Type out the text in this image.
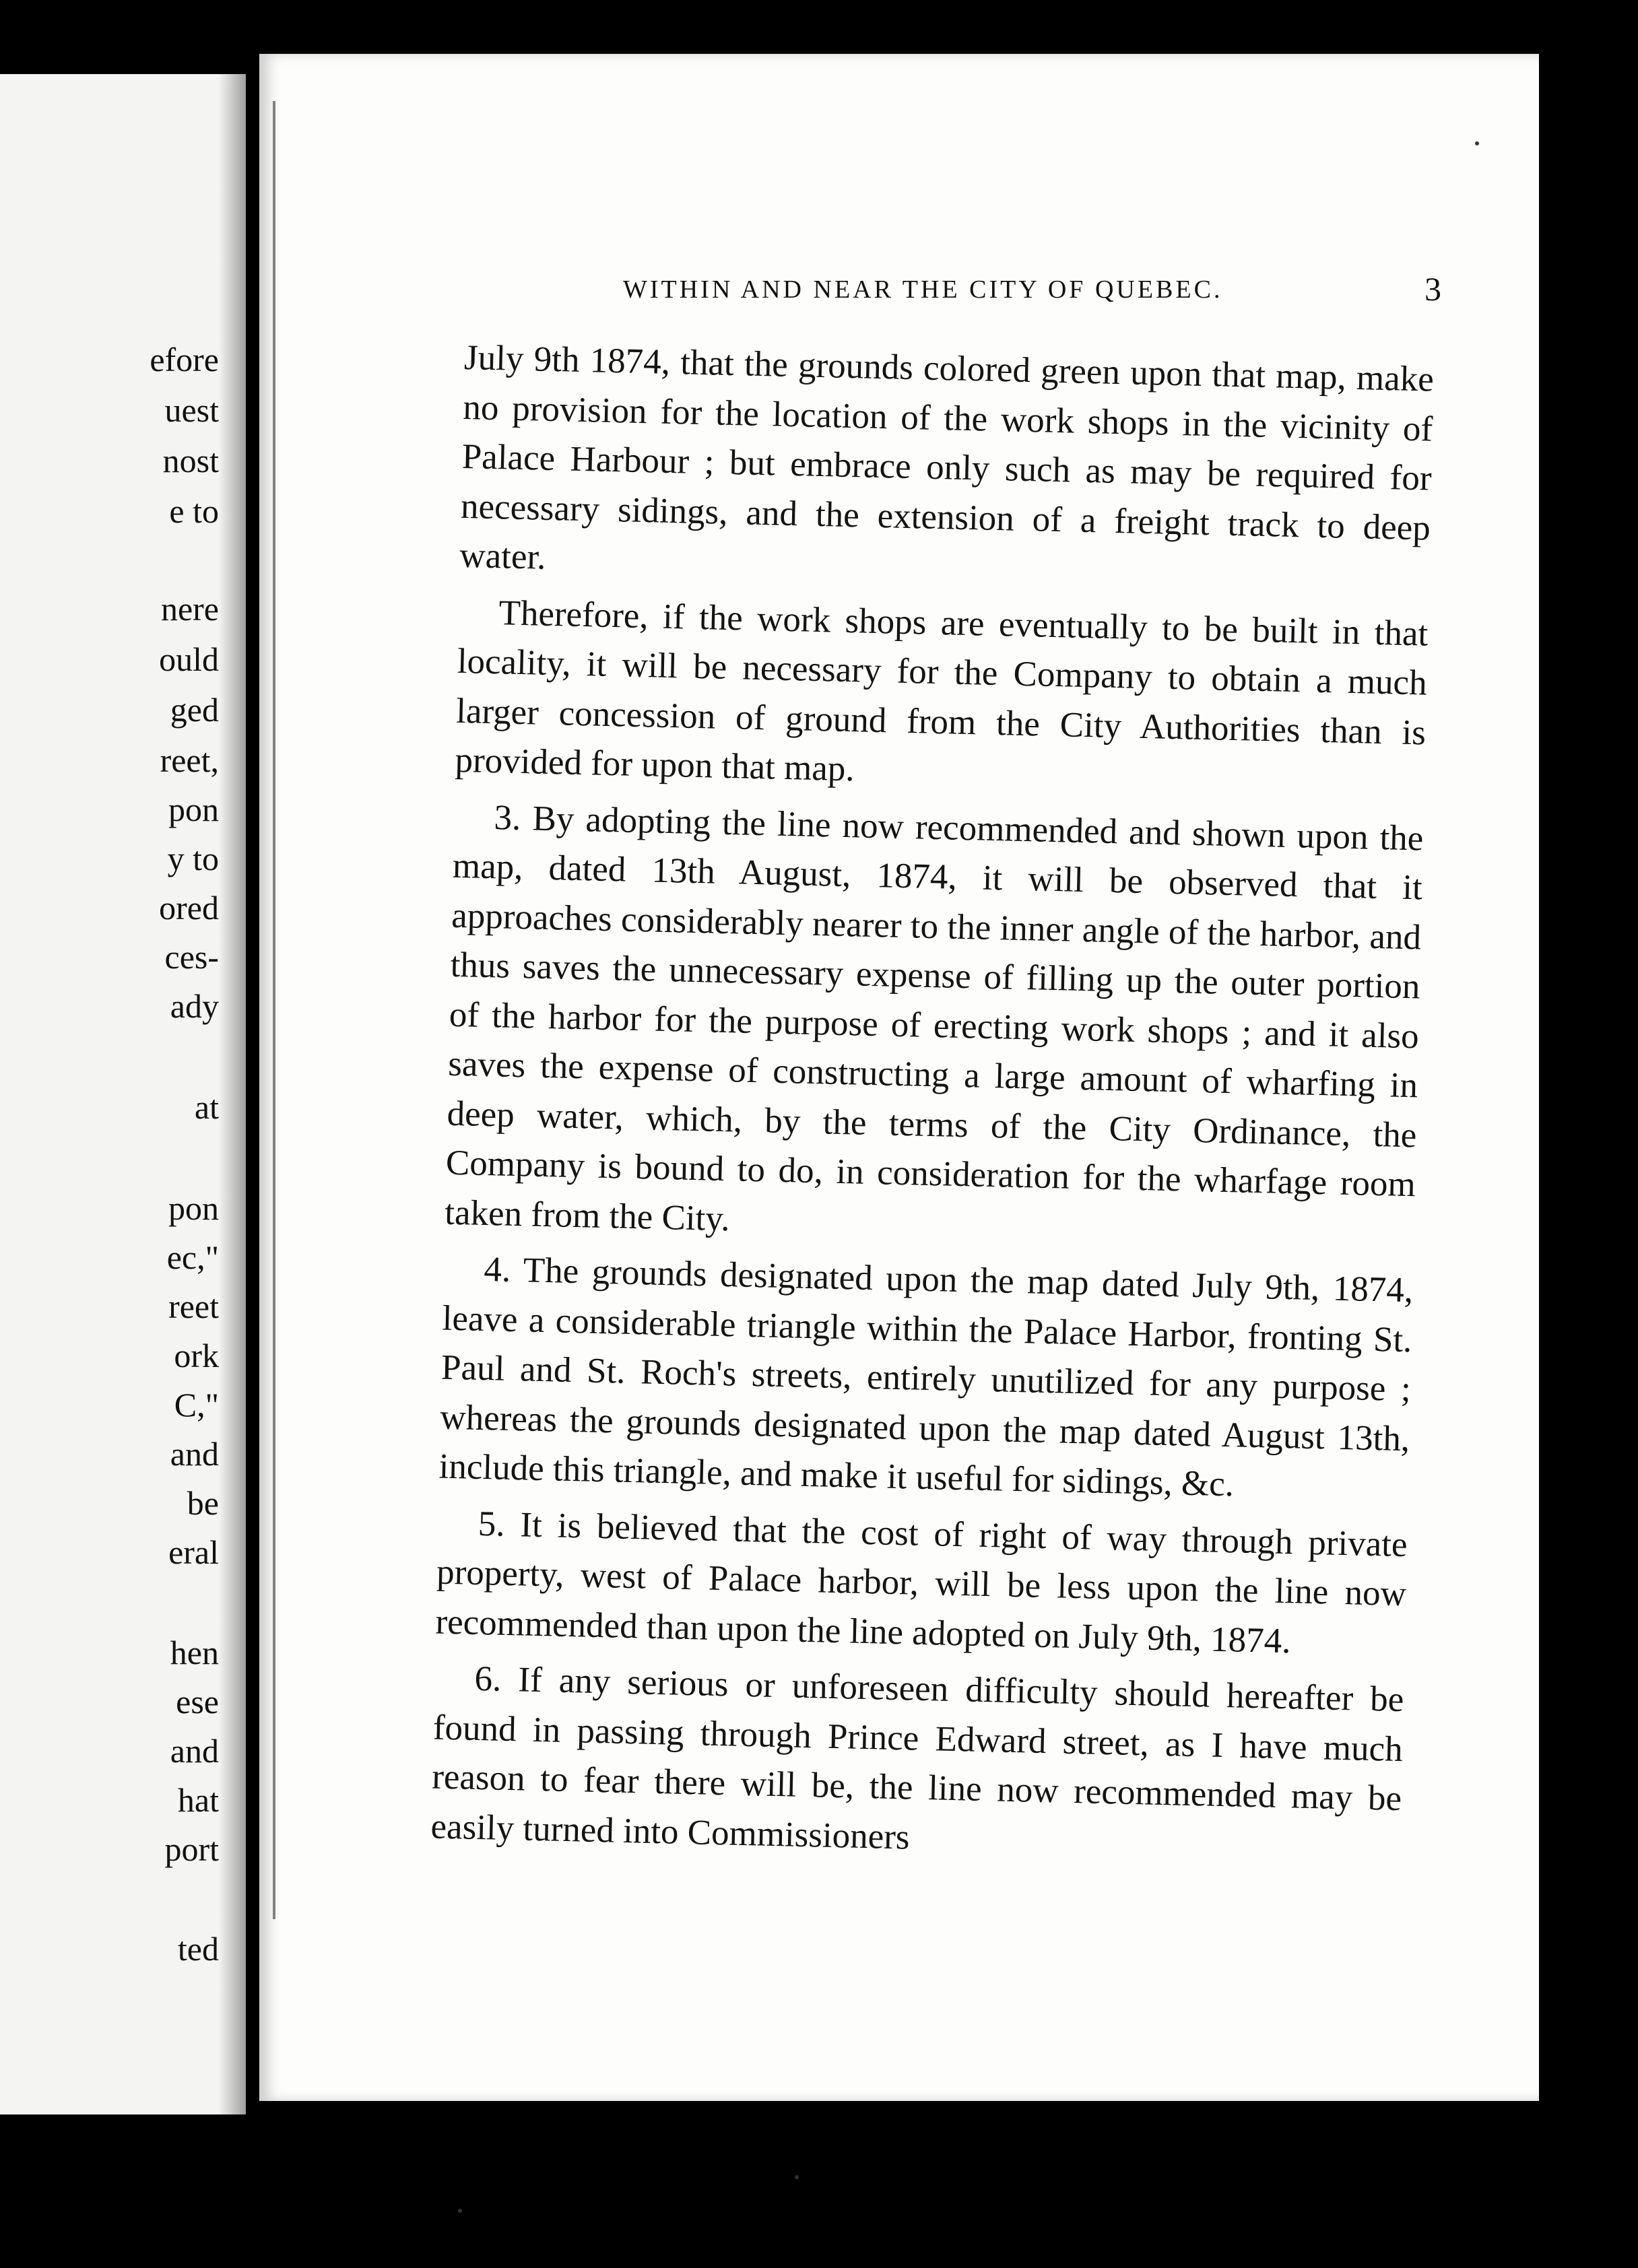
efore
uest
nost
e to
nere
ould
ged
reet,
pon
y to
ored
ces-
ady
at
pon
ec,"
reet
ork
C,"
and
be
eral
hen
ese
and
hat
port
ted
WITHIN AND NEAR THE CITY OF QUEBEC.	3

July 9th 1874, that the grounds colored green upon that map, make no provision for the location of the work shops in the vicinity of Palace Harbour ; but embrace only such as may be required for necessary sidings, and the extension of a freight track to deep water.

Therefore, if the work shops are eventually to be built in that locality, it will be necessary for the Company to obtain a much larger concession of ground from the City Authorities than is provided for upon that map.

3. By adopting the line now recommended and shown upon the map, dated 13th August, 1874, it will be observed that it approaches considerably nearer to the inner angle of the harbor, and thus saves the unnecessary expense of filling up the outer portion of the harbor for the purpose of erecting work shops ; and it also saves the expense of constructing a large amount of wharfing in deep water, which, by the terms of the City Ordinance, the Company is bound to do, in consideration for the wharfage room taken from the City.

4. The grounds designated upon the map dated July 9th, 1874, leave a considerable triangle within the Palace Harbor, fronting St. Paul and St. Roch's streets, entirely unutilized for any purpose ; whereas the grounds designated upon the map dated August 13th, include this triangle, and make it useful for sidings, &c.

5. It is believed that the cost of right of way through private property, west of Palace harbor, will be less upon the line now recommended than upon the line adopted on July 9th, 1874.

6. If any serious or unforeseen difficulty should hereafter be found in passing through Prince Edward street, as I have much reason to fear there will be, the line now recommended may be easily turned into Commissioners
